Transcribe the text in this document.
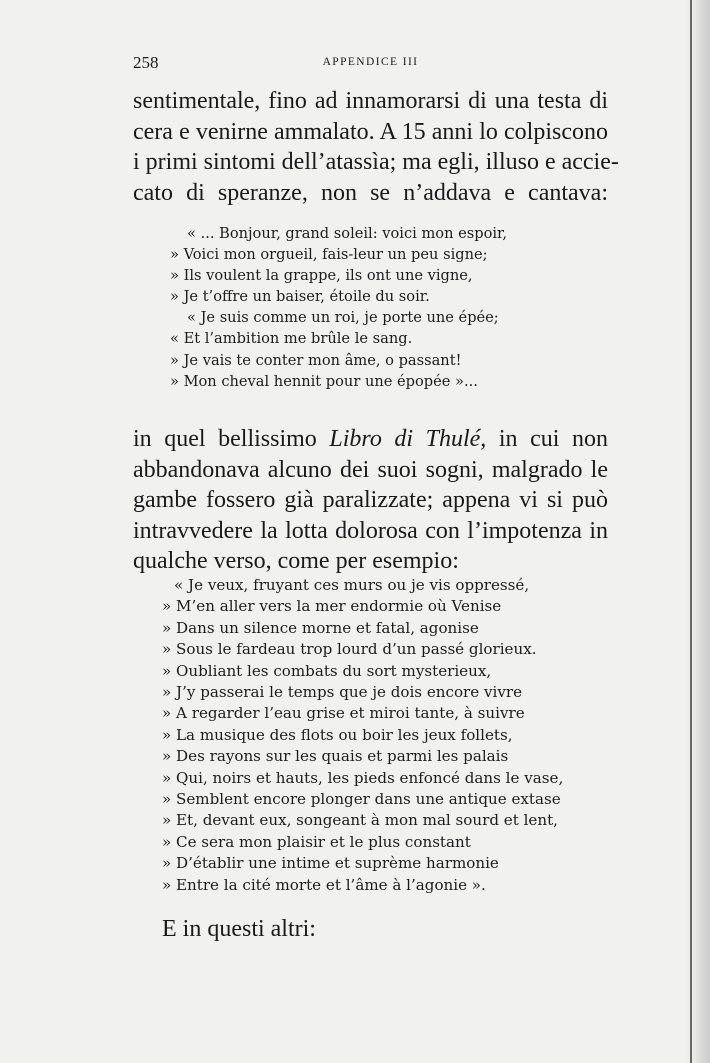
258	APPENDICE III

sentimentale, fino ad innamorarsi di una testa di
cera e venirne ammalato. A 15 anni lo colpiscono
i primi sintomi dell’atassìa; ma egli, illuso e accie-
cato di speranze, non se n’addava e cantava:

« ... Bonjour, grand soleil: voici mon espoir,
» Voici mon orgueil, fais-leur un peu signe;
» Ils voulent la grappe, ils ont une vigne,
» Je t’offre un baiser, étoile du soir.
« Je suis comme un roi, je porte une épée;
« Et l’ambition me brûle le sang.
» Je vais te conter mon âme, o passant!
» Mon cheval hennit pour une épopée »...

in quel bellissimo Libro di Thulé, in cui non
abbandonava alcuno dei suoi sogni, malgrado le
gambe fossero già paralizzate; appena vi si può
intravvedere la lotta dolorosa con l’impotenza in
qualche verso, come per esempio:

« Je veux, fruyant ces murs ou je vis oppressé,
» M’en aller vers la mer endormie où Venise
» Dans un silence morne et fatal, agonise
» Sous le fardeau trop lourd d’un passé glorieux.
» Oubliant les combats du sort mysterieux,
» J’y passerai le temps que je dois encore vivre
» A regarder l’eau grise et miroi tante, à suivre
» La musique des flots ou boir les jeux follets,
» Des rayons sur les quais et parmi les palais
» Qui, noirs et hauts, les pieds enfoncé dans le vase,
» Semblent encore plonger dans une antique extase
» Et, devant eux, songeant à mon mal sourd et lent,
» Ce sera mon plaisir et le plus constant
» D’établir une intime et suprème harmonie
» Entre la cité morte et l’âme à l’agonie ».

E in questi altri:
